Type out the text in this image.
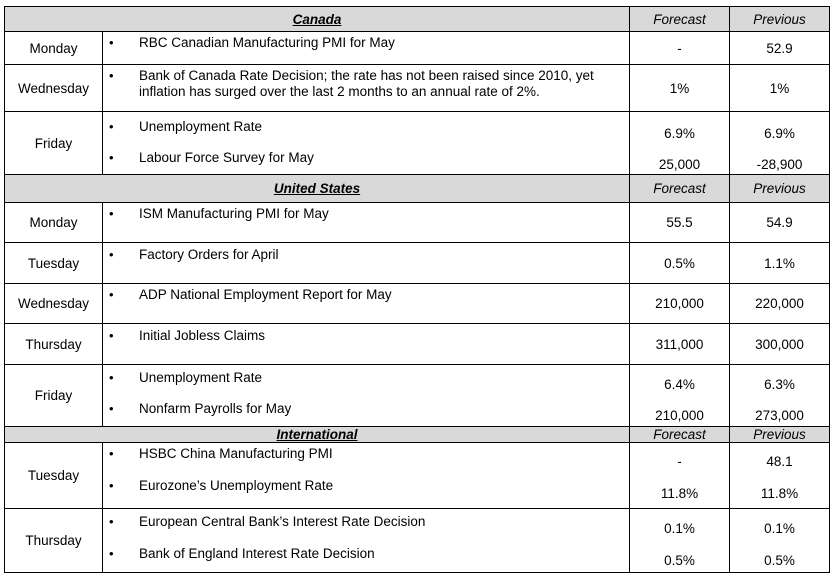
Canada	Forecast	Previous
Monday
•	RBC Canadian Manufacturing PMI for May	-	52.9
Wednesday
• Bank of Canada Rate Decision; the rate has not been raised since 2010, yet inflation has surged over the last 2 months to an annual rate of 2%.	1%	1%
Friday
• Unemployment Rate
• Labour Force Survey for May
6.9%
25,000
6.9%
-28,900
United States	Forecast	Previous
Monday
• ISM Manufacturing PMI for May
55.5	54.9
Tuesday
• Factory Orders for April
0.5%	1.1%
Wednesday
• ADP National Employment Report for May
210,000	220,000
Thursday
• Initial Jobless Claims
311,000	300,000
Friday
• Unemployment Rate
• Nonfarm Payrolls for May
6.4%
210,000
6.3%
273,000
International	Forecast	Previous
Tuesday
• HSBC China Manufacturing PMI
• Eurozone’s Unemployment Rate
-
11.8%
48.1
11.8%
Thursday
• European Central Bank’s Interest Rate Decision
• Bank of England Interest Rate Decision
0.1%
0.5%
0.1%
0.5%
